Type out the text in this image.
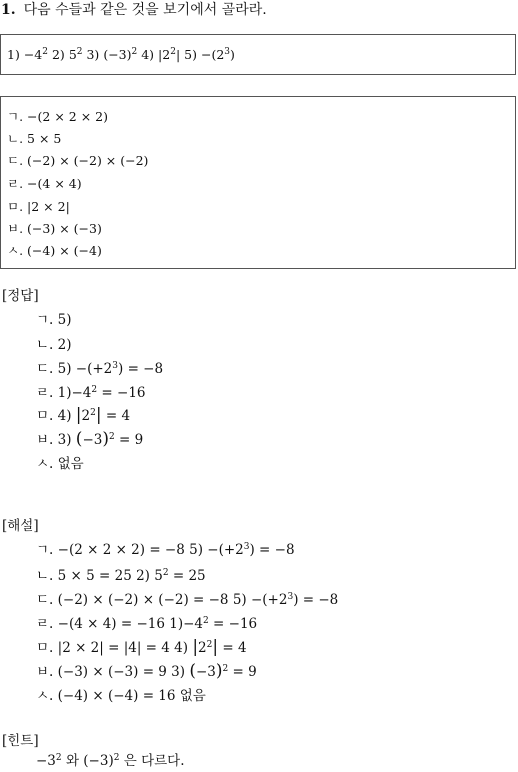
1. 다음 수들과 같은 것을 보기에서 골라라.
$1) -4^2$ 2) $5^2$ 3) $(-3)^2$ 4) $|2^2|$ $5) -(2^3)$
ㄱ. −(2 × 2 × 2)
ㄴ. 5 × 5
ㄷ. (−2) × (−2) × (−2)
ㄹ. −(4 × 4)
ㅁ. |2 × 2|
ㅂ. (−3) × (−3)
ㅅ. (−4) × (−4)
[정답]
ㄱ. 5)
ㄴ. 2)
ㄷ. $5) -(+2^3) = -8$
ㄹ. $1)-4^2 = -16$
ㅁ. 4) $|2^2| = 4$
ㅂ. 3) $(-3)^2 = 9$
ㅅ. 없음
[해설]
ㄱ. −(2 × 2 × 2) = −8 $5) -(+2^3) = -8$
ㄴ. 5 × 5 = 25 2) $5^2 = 25$
ㄷ. (−2) × (−2) × (−2) = −8 $5) -(+2^3) = -8$
ㄹ. −(4 × 4) = −16 $1)-4^2 = -16$
ㅁ. |2 × 2| = |4| = 4 4) $|2^2| = 4$
ㅂ. (−3) × (−3) = 9 3) $(-3)^2 = 9$
ㅅ. (−4) × (−4) = 16 없음
[힌트]
$-3^2$ 와 $(-3)^2$ 은 다르다.
